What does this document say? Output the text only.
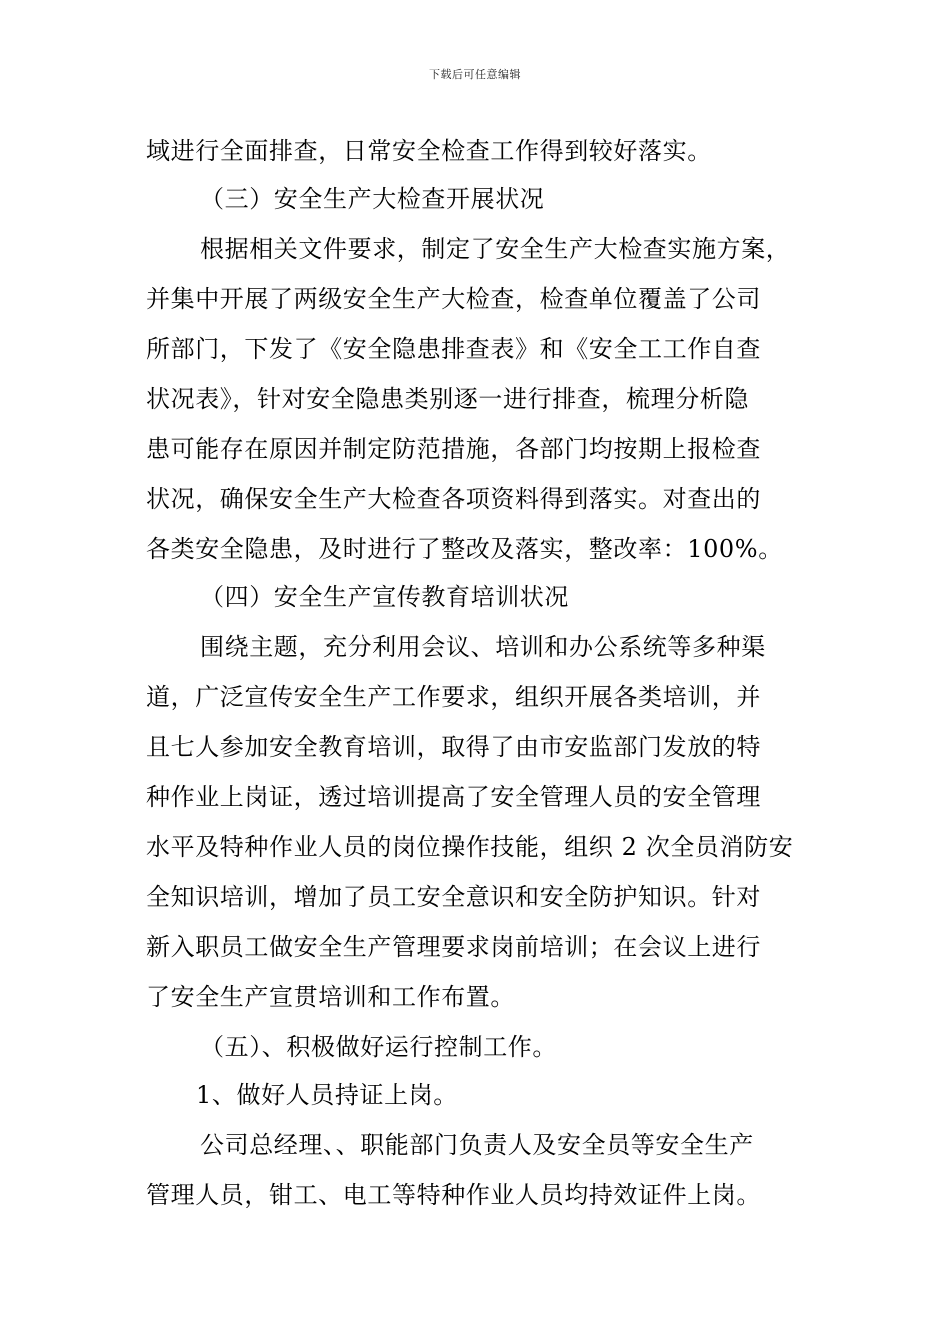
下载后可任意编辑
域进行全面排查，日常安全检查工作得到较好落实。
（三）安全生产大检查开展状况
根据相关文件要求，制定了安全生产大检查实施方案，
并集中开展了两级安全生产大检查，检查单位覆盖了公司
所部门，下发了《安全隐患排查表》和《安全工工作自查
状况表》，针对安全隐患类别逐一进行排查，梳理分析隐
患可能存在原因并制定防范措施，各部门均按期上报检查
状况，确保安全生产大检查各项资料得到落实。对查出的
各类安全隐患，及时进行了整改及落实，整改率：100%。
（四）安全生产宣传教育培训状况
围绕主题，充分利用会议、培训和办公系统等多种渠
道，广泛宣传安全生产工作要求，组织开展各类培训，并
且七人参加安全教育培训，取得了由市安监部门发放的特
种作业上岗证，透过培训提高了安全管理人员的安全管理
水平及特种作业人员的岗位操作技能，组织 2 次全员消防安
全知识培训，增加了员工安全意识和安全防护知识。针对
新入职员工做安全生产管理要求岗前培训；在会议上进行
了安全生产宣贯培训和工作布置。
（五）、积极做好运行控制工作。
1、做好人员持证上岗。
公司总经理、、职能部门负责人及安全员等安全生产
管理人员，钳工、电工等特种作业人员均持效证件上岗。
